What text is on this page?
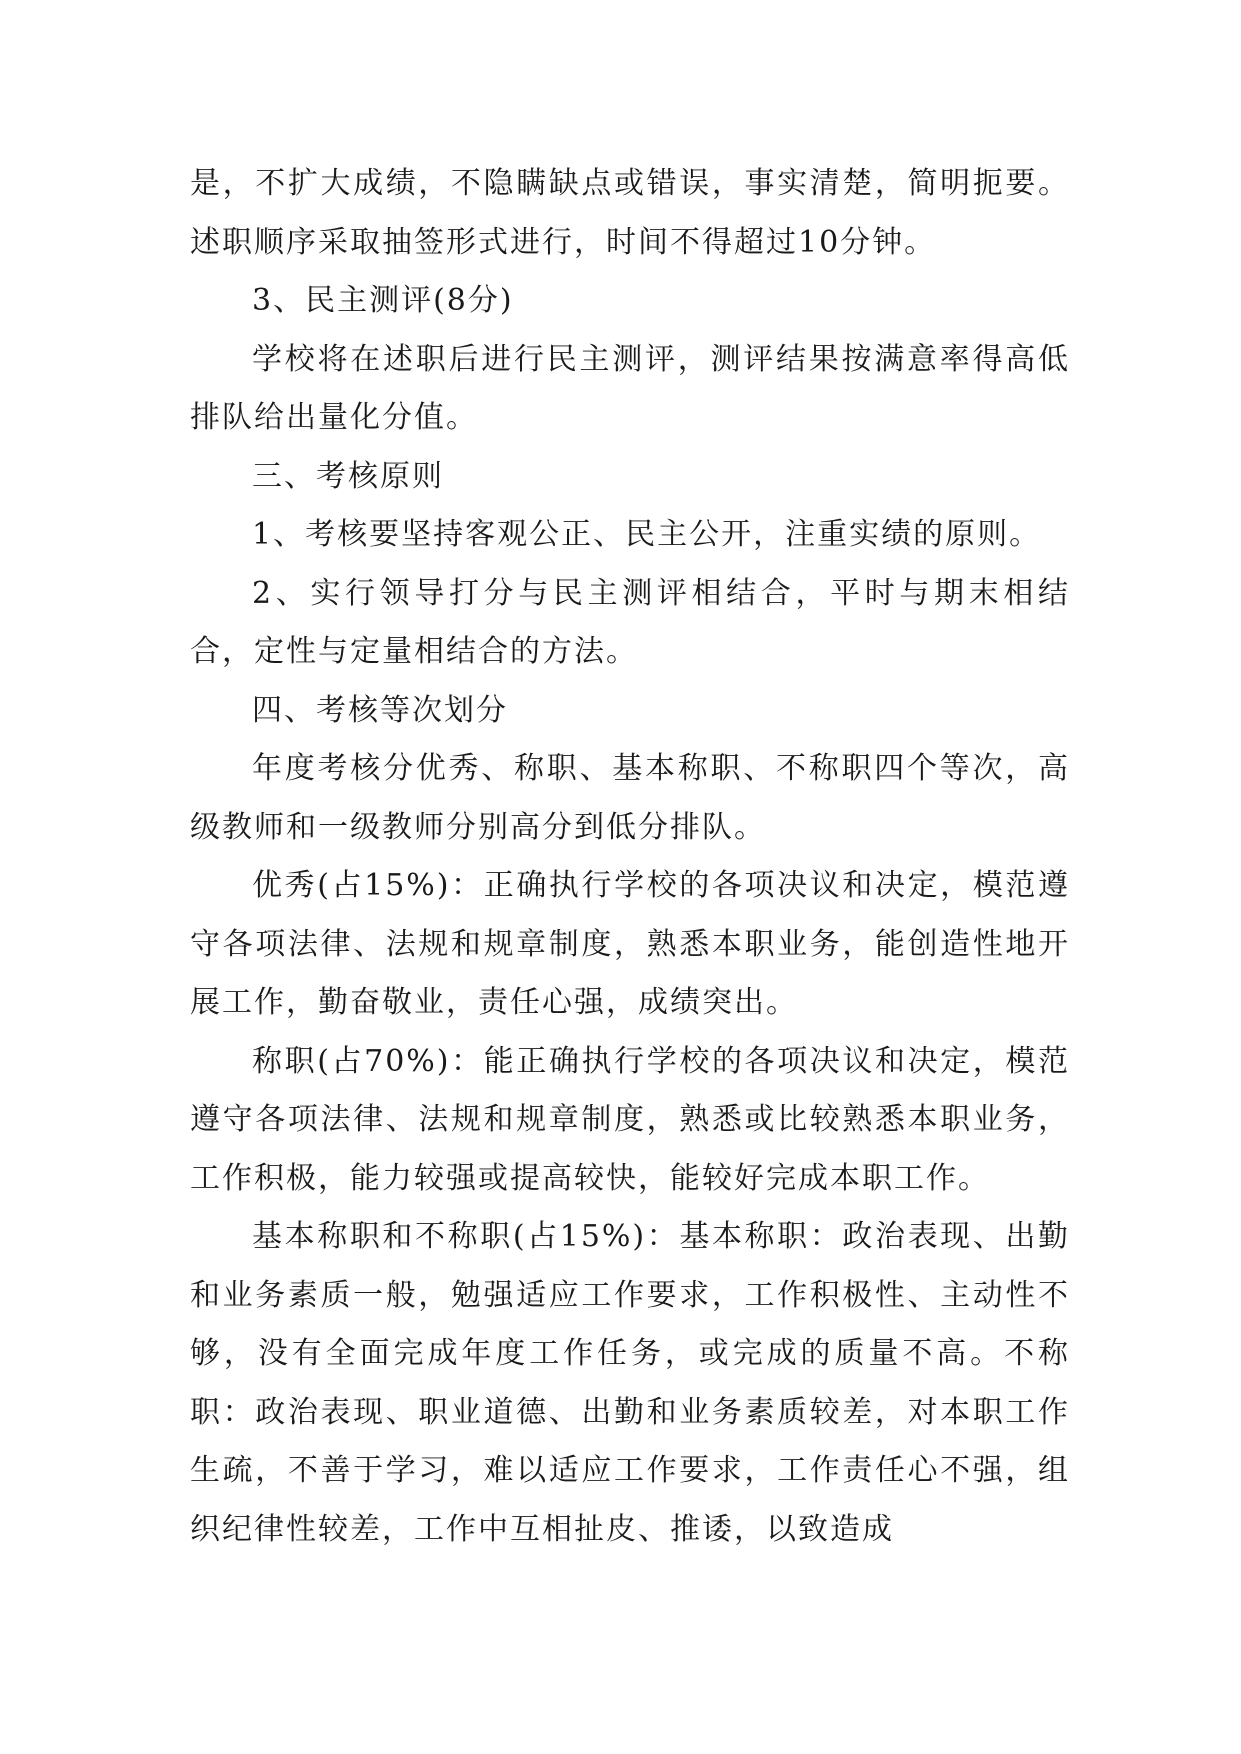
是，不扩大成绩，不隐瞒缺点或错误，事实清楚，简明扼要。述职顺序采取抽签形式进行，时间不得超过10分钟。

3、民主测评(8分)

学校将在述职后进行民主测评，测评结果按满意率得高低排队给出量化分值。

三、考核原则

1、考核要坚持客观公正、民主公开，注重实绩的原则。

2、实行领导打分与民主测评相结合，平时与期末相结合，定性与定量相结合的方法。

四、考核等次划分

年度考核分优秀、称职、基本称职、不称职四个等次，高级教师和一级教师分别高分到低分排队。

优秀(占15%)：正确执行学校的各项决议和决定，模范遵守各项法律、法规和规章制度，熟悉本职业务，能创造性地开展工作，勤奋敬业，责任心强，成绩突出。

称职(占70%)：能正确执行学校的各项决议和决定，模范遵守各项法律、法规和规章制度，熟悉或比较熟悉本职业务，工作积极，能力较强或提高较快，能较好完成本职工作。

基本称职和不称职(占15%)：基本称职：政治表现、出勤和业务素质一般，勉强适应工作要求，工作积极性、主动性不够，没有全面完成年度工作任务，或完成的质量不高。不称职：政治表现、职业道德、出勤和业务素质较差，对本职工作生疏，不善于学习，难以适应工作要求，工作责任心不强，组织纪律性较差，工作中互相扯皮、推诿，以致造成
